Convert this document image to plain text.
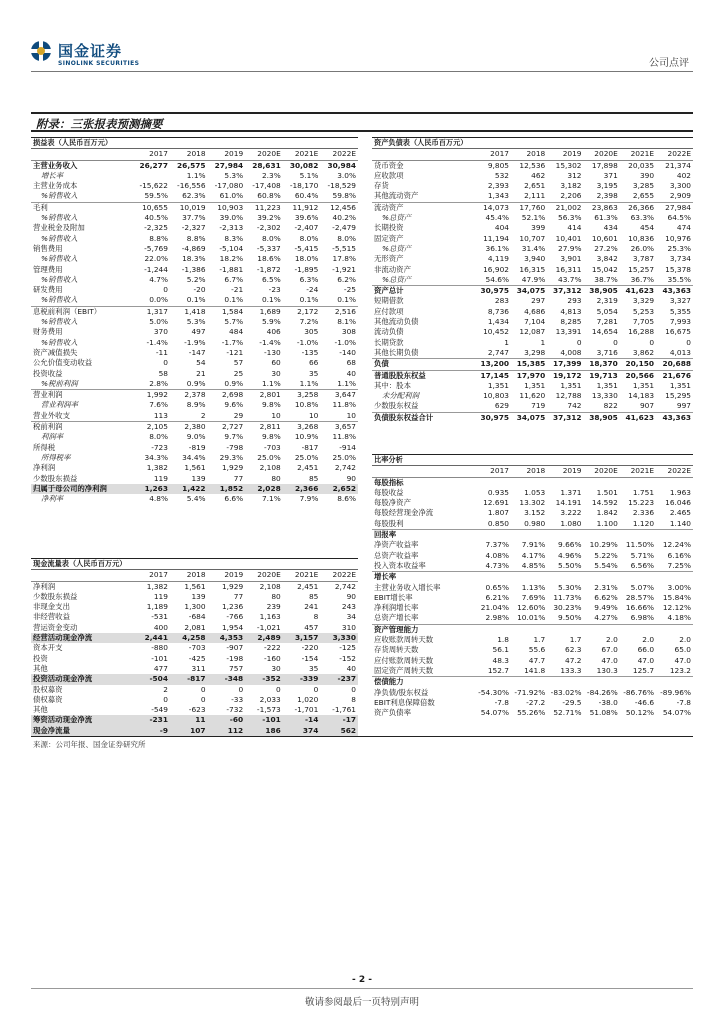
国金证券
SINOLINK SECURITIES	公司点评
附录：三张报表预测摘要
损益表（人民币百万元）						
	2017	2018	2019	2020E	2021E	2022E
主营业务收入	26,277	26,575	27,984	28,631	30,082	30,984
增长率		1.1%	5.3%	2.3%	5.1%	3.0%
主营业务成本	-15,622	-16,556	-17,080	-17,408	-18,170	-18,529
%销售收入	59.5%	62.3%	61.0%	60.8%	60.4%	59.8%
毛利	10,655	10,019	10,903	11,223	11,912	12,456
%销售收入	40.5%	37.7%	39.0%	39.2%	39.6%	40.2%
营业税金及附加	-2,325	-2,327	-2,313	-2,302	-2,407	-2,479
%销售收入	8.8%	8.8%	8.3%	8.0%	8.0%	8.0%
销售费用	-5,769	-4,869	-5,104	-5,337	-5,415	-5,515
%销售收入	22.0%	18.3%	18.2%	18.6%	18.0%	17.8%
管理费用	-1,244	-1,386	-1,881	-1,872	-1,895	-1,921
%销售收入	4.7%	5.2%	6.7%	6.5%	6.3%	6.2%
研发费用	0	-20	-21	-23	-24	-25
%销售收入	0.0%	0.1%	0.1%	0.1%	0.1%	0.1%
息税前利润（EBIT）	1,317	1,418	1,584	1,689	2,172	2,516
%销售收入	5.0%	5.3%	5.7%	5.9%	7.2%	8.1%
财务费用	370	497	484	406	305	308
%销售收入	-1.4%	-1.9%	-1.7%	-1.4%	-1.0%	-1.0%
资产减值损失	-11	-147	-121	-130	-135	-140
公允价值变动收益	0	54	57	60	66	68
投资收益	58	21	25	30	35	40
%税前利润	2.8%	0.9%	0.9%	1.1%	1.1%	1.1%
营业利润	1,992	2,378	2,698	2,801	3,258	3,647
营业利润率	7.6%	8.9%	9.6%	9.8%	10.8%	11.8%
营业外收支	113	2	29	10	10	10
税前利润	2,105	2,380	2,727	2,811	3,268	3,657
利润率	8.0%	9.0%	9.7%	9.8%	10.9%	11.8%
所得税	-723	-819	-798	-703	-817	-914
所得税率	34.3%	34.4%	29.3%	25.0%	25.0%	25.0%
净利润	1,382	1,561	1,929	2,108	2,451	2,742
少数股东损益	119	139	77	80	85	90
归属于母公司的净利润	1,263	1,422	1,852	2,028	2,366	2,652
净利率	4.8%	5.4%	6.6%	7.1%	7.9%	8.6%
资产负债表（人民币百万元）						
	2017	2018	2019	2020E	2021E	2022E
货币资金	9,805	12,536	15,302	17,898	20,035	21,374
应收款项	532	462	312	371	390	402
存货	2,393	2,651	3,182	3,195	3,285	3,300
其他流动资产	1,343	2,111	2,206	2,398	2,655	2,909
流动资产	14,073	17,760	21,002	23,863	26,366	27,984
%总资产	45.4%	52.1%	56.3%	61.3%	63.3%	64.5%
长期投资	404	399	414	434	454	474
固定资产	11,194	10,707	10,401	10,601	10,836	10,976
%总资产	36.1%	31.4%	27.9%	27.2%	26.0%	25.3%
无形资产	4,119	3,940	3,901	3,842	3,787	3,734
非流动资产	16,902	16,315	16,311	15,042	15,257	15,378
%总资产	54.6%	47.9%	43.7%	38.7%	36.7%	35.5%
资产总计	30,975	34,075	37,312	38,905	41,623	43,363
短期借款	283	297	293	2,319	3,329	3,327
应付款项	8,736	4,686	4,813	5,054	5,253	5,355
其他流动负债	1,434	7,104	8,285	7,281	7,705	7,993
流动负债	10,452	12,087	13,391	14,654	16,288	16,675
长期贷款	1	1	0	0	0	0
其他长期负债	2,747	3,298	4,008	3,716	3,862	4,013
负债	13,200	15,385	17,399	18,370	20,150	20,688
普通股股东权益	17,145	17,970	19,172	19,713	20,566	21,676
其中：股本	1,351	1,351	1,351	1,351	1,351	1,351
未分配利润	10,803	11,620	12,788	13,330	14,183	15,295
少数股东权益	629	719	742	822	907	997
负债股东权益合计	30,975	34,075	37,312	38,905	41,623	43,363
现金流量表（人民币百万元）						
	2017	2018	2019	2020E	2021E	2022E
净利润	1,382	1,561	1,929	2,108	2,451	2,742
少数股东损益	119	139	77	80	85	90
非现金支出	1,189	1,300	1,236	239	241	243
非经营收益	-531	-684	-766	1,163	8	34
营运资金变动	400	2,081	1,954	-1,021	457	310
经营活动现金净流	2,441	4,258	4,353	2,489	3,157	3,330
资本开支	-880	-703	-907	-222	-220	-125
投资	-101	-425	-198	-160	-154	-152
其他	477	311	757	30	35	40
投资活动现金净流	-504	-817	-348	-352	-339	-237
股权募资	2	0	0	0	0	0
债权募资	0	0	-33	2,033	1,020	8
其他	-549	-623	-732	-1,573	-1,701	-1,761
筹资活动现金净流	-231	11	-60	-101	-14	-17
现金净流量	-9	107	112	186	374	562
比率分析						
	2017	2018	2019	2020E	2021E	2022E
每股指标						
每股收益	0.935	1.053	1.371	1.501	1.751	1.963
每股净资产	12.691	13.302	14.191	14.592	15.223	16.046
每股经营现金净流	1.807	3.152	3.222	1.842	2.336	2.465
每股股利	0.850	0.980	1.080	1.100	1.120	1.140
回报率						
净资产收益率	7.37%	7.91%	9.66%	10.29%	11.50%	12.24%
总资产收益率	4.08%	4.17%	4.96%	5.22%	5.71%	6.16%
投入资本收益率	4.73%	4.85%	5.50%	5.54%	6.56%	7.25%
增长率						
主营业务收入增长率	0.65%	1.13%	5.30%	2.31%	5.07%	3.00%
EBIT增长率	6.21%	7.69%	11.73%	6.62%	28.57%	15.84%
净利润增长率	21.04%	12.60%	30.23%	9.49%	16.66%	12.12%
总资产增长率	2.98%	10.01%	9.50%	4.27%	6.98%	4.18%
资产管理能力						
应收账款周转天数	1.8	1.7	1.7	2.0	2.0	2.0
存货周转天数	56.1	55.6	62.3	67.0	66.0	65.0
应付账款周转天数	48.3	47.7	47.2	47.0	47.0	47.0
固定资产周转天数	152.7	141.8	133.3	130.3	125.7	123.2
偿债能力						
净负债/股东权益	-54.30%	-71.92%	-83.02%	-84.26%	-86.76%	-89.96%
EBIT利息保障倍数	-7.8	-27.2	-29.5	-38.0	-46.6	-7.8
资产负债率	54.07%	55.26%	52.71%	51.08%	50.12%	54.07%
来源：公司年报、国金证券研究所
- 2 -
敬请参阅最后一页特别声明
